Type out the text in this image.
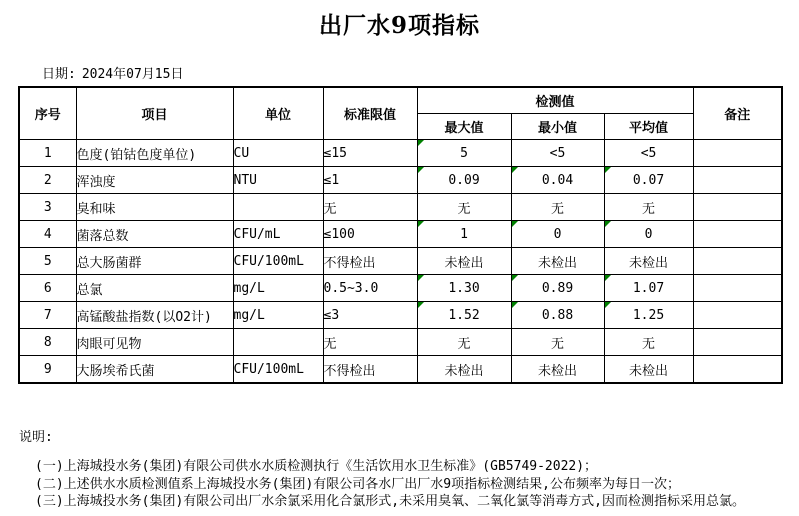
出厂水9项指标
日期: 2024年07月15日
序号	项目	单位	标准限值	检测值			备注
				最大值	最小值	平均值	
1	色度(铂钴色度单位)	CU	≤15	5	<5	<5	
2	浑浊度	NTU	≤1	0.09	0.04	0.07

3	臭和味		无	无	无	无	
4	菌落总数	CFU/mL	≤100	1	0	0

5	总大肠菌群	CFU/100mL	不得检出	未检出	未检出	未检出	
6	总氯	mg/L	0.5~3.0	1.30	0.89	1.07

7	高锰酸盐指数(以O2计)	mg/L	≤3	1.52	0.88	1.25

8	肉眼可见物		无	无	无	无	
9	大肠埃希氏菌	CFU/100mL	不得检出	未检出	未检出	未检出	
说明:
(一)上海城投水务(集团)有限公司供水水质检测执行《生活饮用水卫生标准》(GB5749-2022)；
(二)上述供水水质检测值系上海城投水务(集团)有限公司各水厂出厂水9项指标检测结果,公布频率为每日一次；
(三)上海城投水务(集团)有限公司出厂水余氯采用化合氯形式,未采用臭氧、二氧化氯等消毒方式,因而检测指标采用总氯。
